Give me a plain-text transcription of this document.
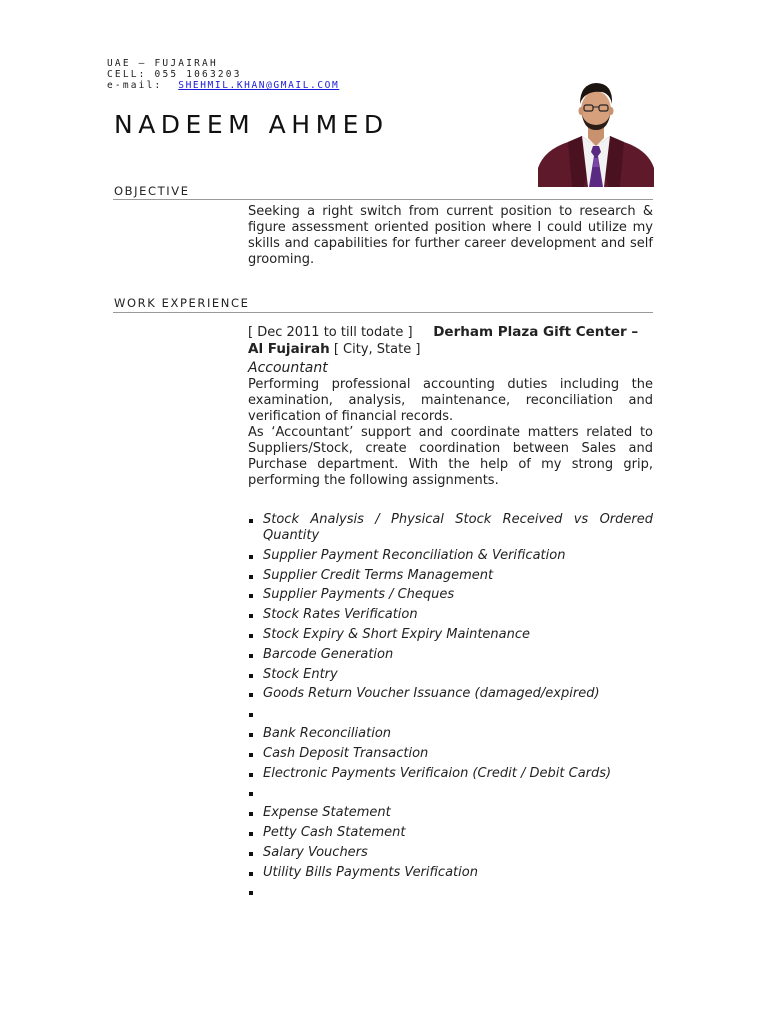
UAE – FUJAIRAH
CELL: 055 1063203
e-mail: SHEHMIL.KHAN@GMAIL.COM
NADEEM AHMED
OBJECTIVE
Seeking a right switch from current position to research & figure assessment oriented position where I could utilize my skills and capabilities for further career development and self grooming.
WORK EXPERIENCE
[ Dec 2011 to till todate ] Derham Plaza Gift Center – Al Fujairah [ City, State ]
Accountant

Performing professional accounting duties including the examination, analysis, maintenance, reconciliation and verification of financial records.

As ‘Accountant’ support and coordinate matters related to Suppliers/Stock, create coordination between Sales and Purchase department. With the help of my strong grip, performing the following assignments.

Stock Analysis / Physical Stock Received vs Ordered Quantity
Supplier Payment Reconciliation & Verification
Supplier Credit Terms Management
Supplier Payments / Cheques
Stock Rates Verification
Stock Expiry & Short Expiry Maintenance
Barcode Generation
Stock Entry
Goods Return Voucher Issuance (damaged/expired)
Bank Reconciliation
Cash Deposit Transaction
Electronic Payments Verificaion (Credit / Debit Cards)
Expense Statement
Petty Cash Statement
Salary Vouchers
Utility Bills Payments Verification
